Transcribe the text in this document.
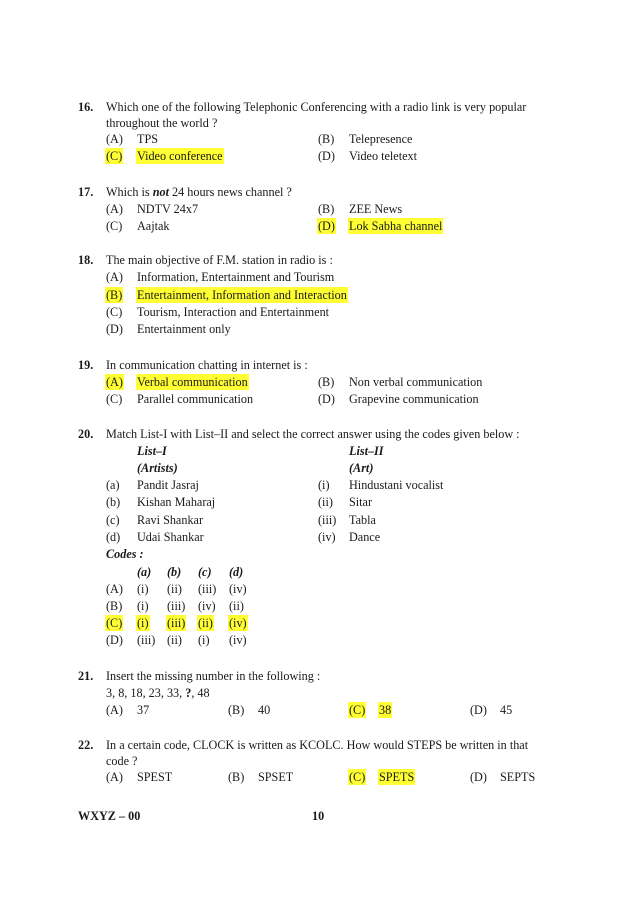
16. Which one of the following Telephonic Conferencing with a radio link is very popular
throughout the world ?
(A) TPS	(B) Telepresence
(C) Video conference	(D) Video teletext
17. Which is not 24 hours news channel ?
(A) NDTV 24x7	(B) ZEE News
(C) Aajtak	(D) Lok Sabha channel
18. The main objective of F.M. station in radio is :
(A) Information, Entertainment and Tourism
(B) Entertainment, Information and Interaction
(C) Tourism, Interaction and Entertainment
(D) Entertainment only
19. In communication chatting in internet is :
(A) Verbal communication	(B) Non verbal communication
(C) Parallel communication	(D) Grapevine communication
20. Match List-I with List–II and select the correct answer using the codes given below :
List–I	List–II
(Artists)	(Art)
(a) Pandit Jasraj	(i) Hindustani vocalist
(b) Kishan Maharaj	(ii) Sitar
(c) Ravi Shankar	(iii) Tabla
(d) Udai Shankar	(iv) Dance
Codes :
(a) (b) (c) (d)
(A) (i) (ii) (iii) (iv)
(B) (i) (iii) (iv) (ii)
(C) (i) (iii) (ii) (iv)
(D) (iii) (ii) (i) (iv)
21. Insert the missing number in the following :
3, 8, 18, 23, 33, ?, 48
(A) 37	(B) 40	(C) 38	(D) 45
22. In a certain code, CLOCK is written as KCOLC. How would STEPS be written in that
code ?
(A) SPEST	(B) SPSET	(C) SPETS	(D) SEPTS
WXYZ – 00	10
